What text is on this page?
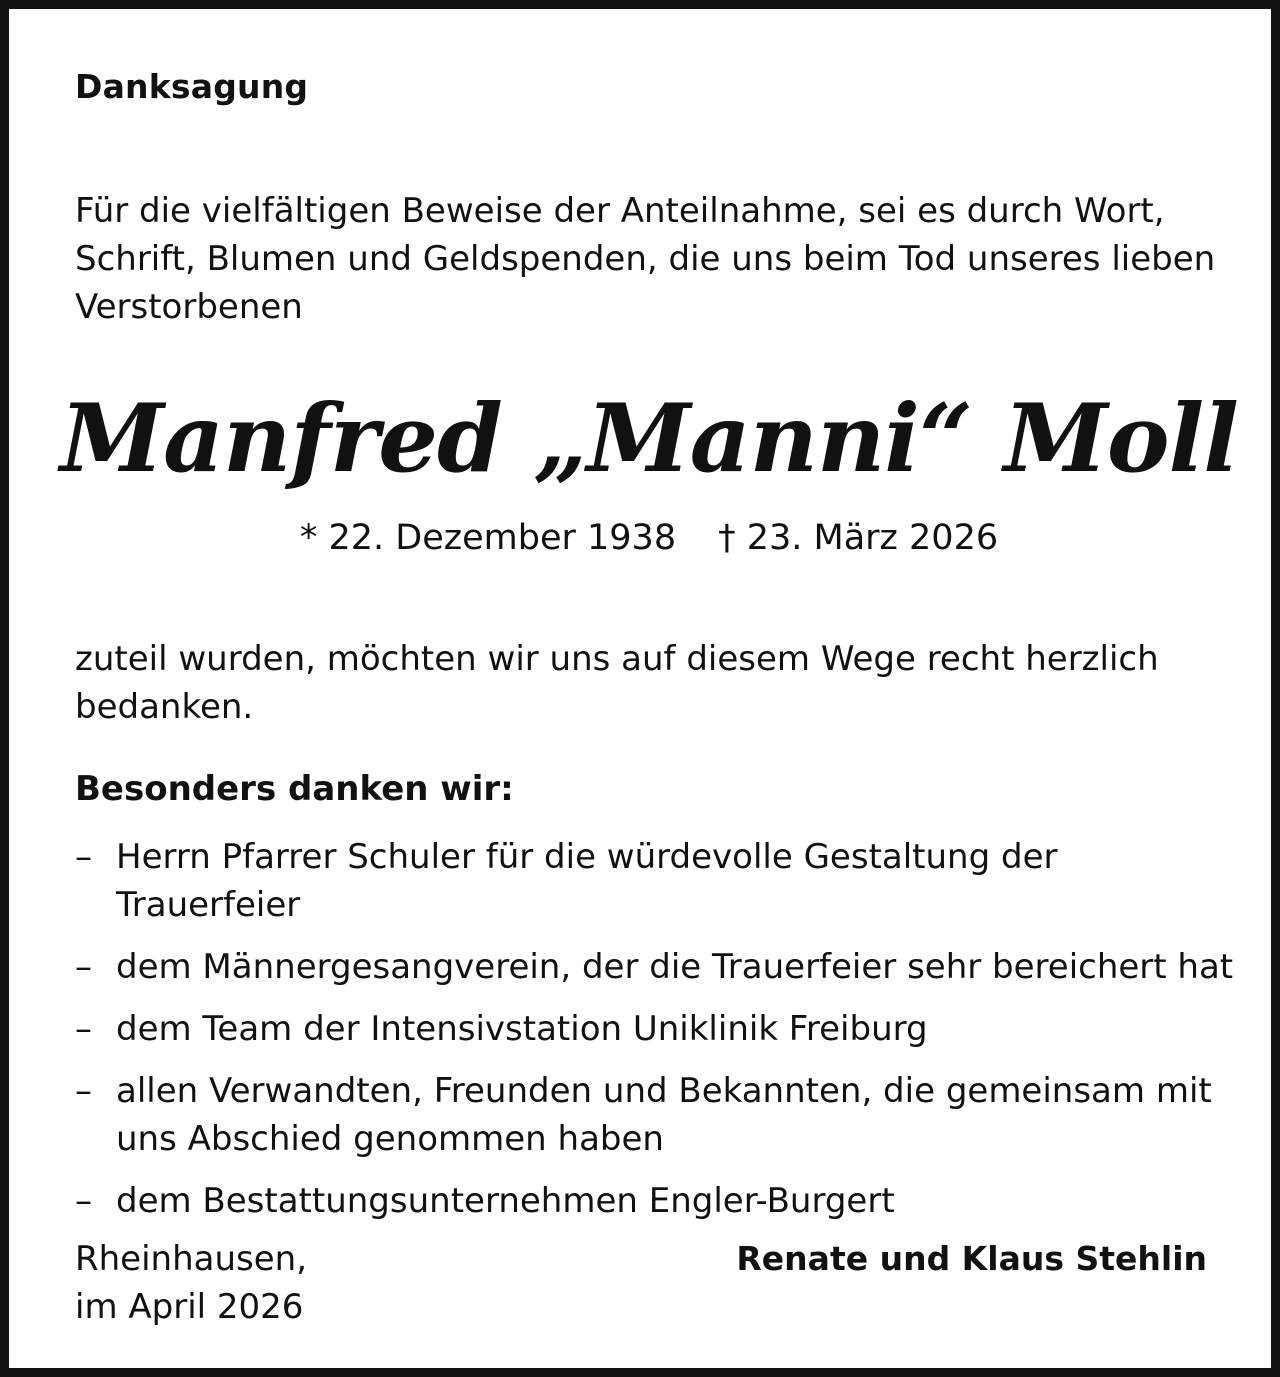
Danksagung

Für die vielfältigen Beweise der Anteilnahme, sei es durch Wort, Schrift, Blumen und Geldspenden, die uns beim Tod unseres lieben Verstorbenen

Manfred „Manni“ Moll

* 22. Dezember 1938 † 23. März 2026

zuteil wurden, möchten wir uns auf diesem Wege recht herzlich bedanken.

Besonders danken wir:
– Herrn Pfarrer Schuler für die würdevolle Gestaltung der Trauerfeier
– dem Männergesangverein, der die Trauerfeier sehr bereichert hat
– dem Team der Intensivstation Uniklinik Freiburg
– allen Verwandten, Freunden und Bekannten, die gemeinsam mit uns Abschied genommen haben
– dem Bestattungsunternehmen Engler-Burgert
Rheinhausen,
im April 2026
Renate und Klaus Stehlin
